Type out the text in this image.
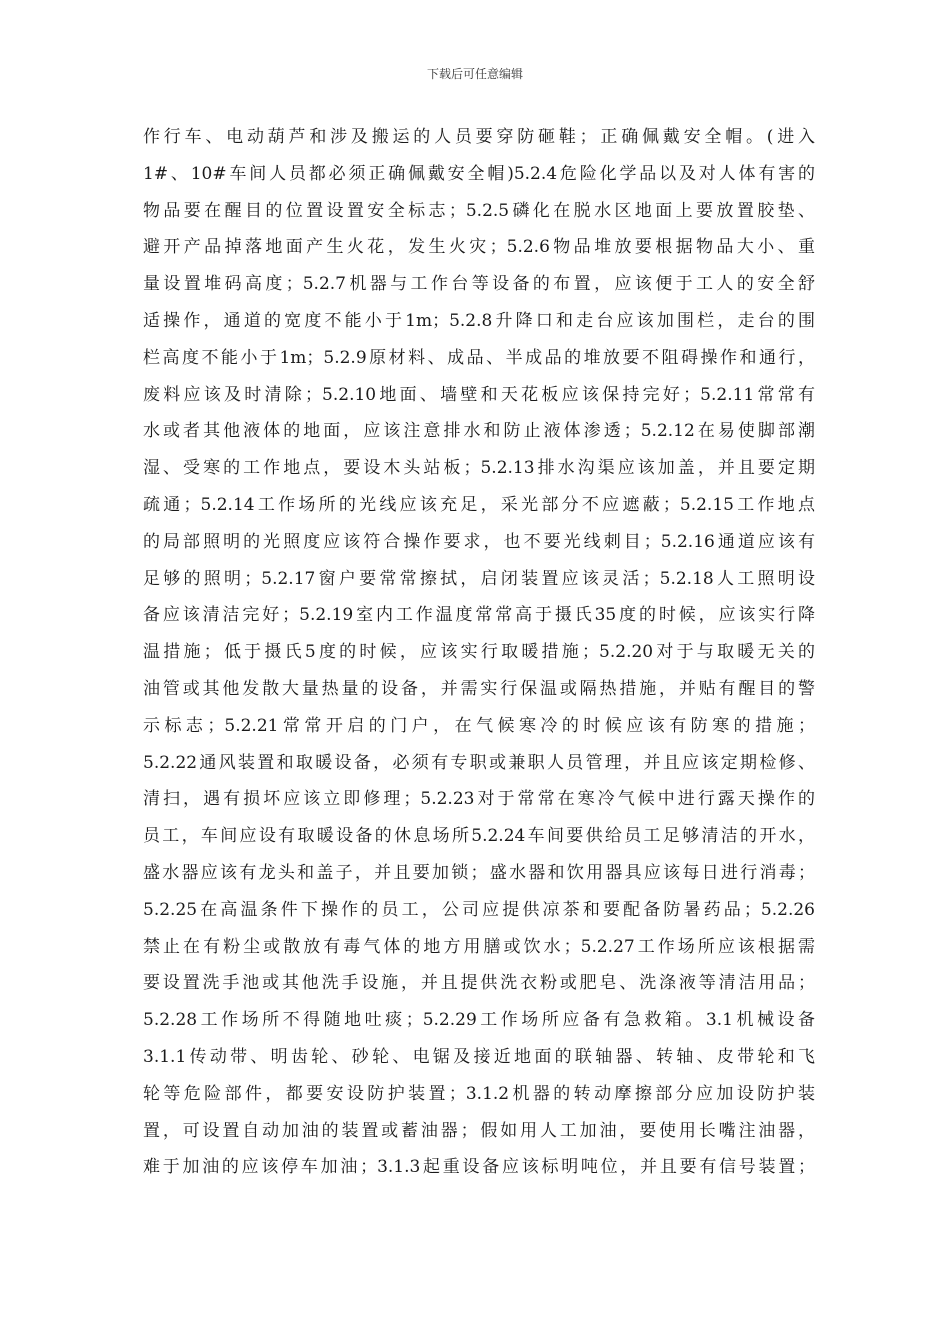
下载后可任意编辑
作行车、电动葫芦和涉及搬运的人员要穿防砸鞋；正确佩戴安全帽。(进入
1#、10#车间人员都必须正确佩戴安全帽)5.2.4危险化学品以及对人体有害的
物品要在醒目的位置设置安全标志；5.2.5磷化在脱水区地面上要放置胶垫、
避开产品掉落地面产生火花，发生火灾；5.2.6物品堆放要根据物品大小、重
量设置堆码高度；5.2.7机器与工作台等设备的布置，应该便于工人的安全舒
适操作，通道的宽度不能小于1m；5.2.8升降口和走台应该加围栏，走台的围
栏高度不能小于1m；5.2.9原材料、成品、半成品的堆放要不阻碍操作和通行，
废料应该及时清除；5.2.10地面、墙壁和天花板应该保持完好；5.2.11常常有
水或者其他液体的地面，应该注意排水和防止液体渗透；5.2.12在易使脚部潮
湿、受寒的工作地点，要设木头站板；5.2.13排水沟渠应该加盖，并且要定期
疏通；5.2.14工作场所的光线应该充足，采光部分不应遮蔽；5.2.15工作地点
的局部照明的光照度应该符合操作要求，也不要光线刺目；5.2.16通道应该有
足够的照明；5.2.17窗户要常常擦拭，启闭装置应该灵活；5.2.18人工照明设
备应该清洁完好；5.2.19室内工作温度常常高于摄氏35度的时候，应该实行降
温措施；低于摄氏5度的时候，应该实行取暖措施；5.2.20对于与取暖无关的
油管或其他发散大量热量的设备，并需实行保温或隔热措施，并贴有醒目的警
示标志；5.2.21常常开启的门户，在气候寒冷的时候应该有防寒的措施；
5.2.22通风装置和取暖设备，必须有专职或兼职人员管理，并且应该定期检修、
清扫，遇有损坏应该立即修理；5.2.23对于常常在寒冷气候中进行露天操作的
员工，车间应设有取暖设备的休息场所5.2.24车间要供给员工足够清洁的开水，
盛水器应该有龙头和盖子，并且要加锁；盛水器和饮用器具应该每日进行消毒；
5.2.25在高温条件下操作的员工，公司应提供凉茶和要配备防暑药品；5.2.26
禁止在有粉尘或散放有毒气体的地方用膳或饮水；5.2.27工作场所应该根据需
要设置洗手池或其他洗手设施，并且提供洗衣粉或肥皂、洗涤液等清洁用品；
5.2.28工作场所不得随地吐痰；5.2.29工作场所应备有急救箱。3.1机械设备
3.1.1传动带、明齿轮、砂轮、电锯及接近地面的联轴器、转轴、皮带轮和飞
轮等危险部件，都要安设防护装置；3.1.2机器的转动摩擦部分应加设防护装
置，可设置自动加油的装置或蓄油器；假如用人工加油，要使用长嘴注油器，
难于加油的应该停车加油；3.1.3起重设备应该标明吨位，并且要有信号装置；
